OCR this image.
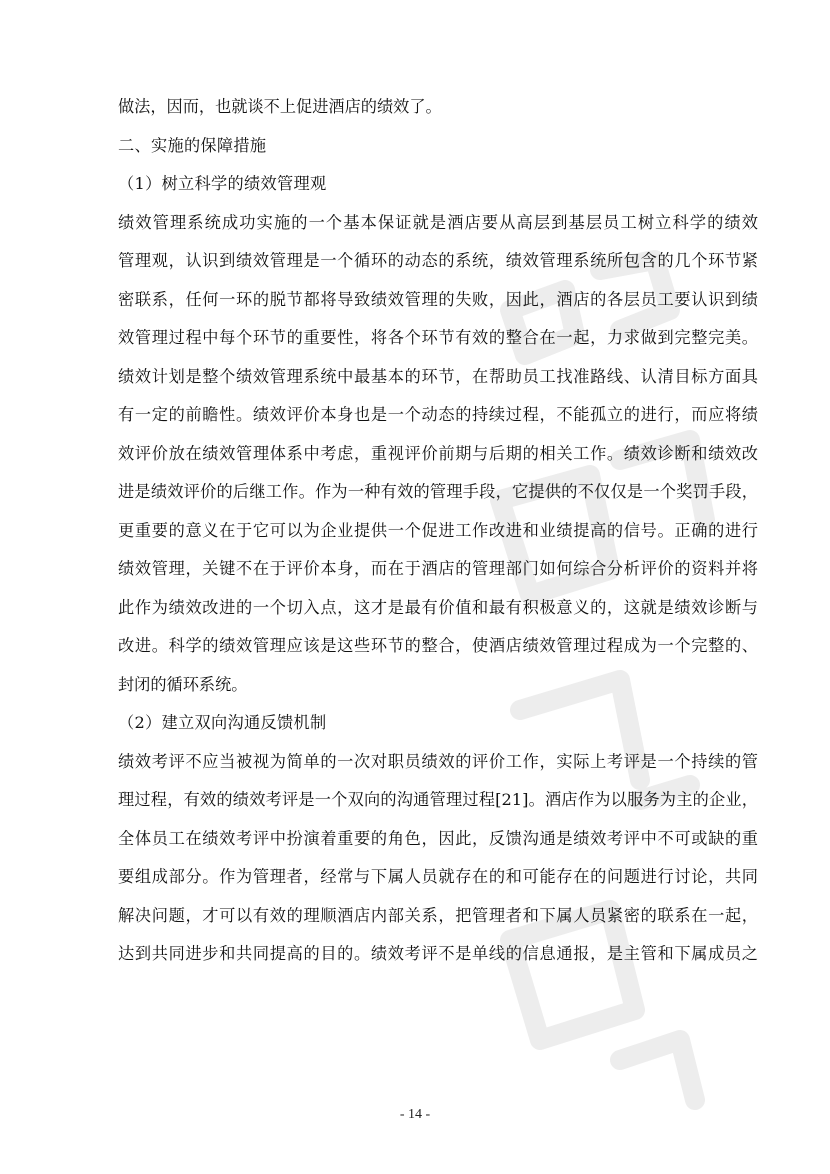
做法，因而，也就谈不上促进酒店的绩效了。
二、实施的保障措施
（1）树立科学的绩效管理观
绩效管理系统成功实施的一个基本保证就是酒店要从高层到基层员工树立科学的绩效
管理观，认识到绩效管理是一个循环的动态的系统，绩效管理系统所包含的几个环节紧
密联系，任何一环的脱节都将导致绩效管理的失败，因此，酒店的各层员工要认识到绩
效管理过程中每个环节的重要性，将各个环节有效的整合在一起，力求做到完整完美。
绩效计划是整个绩效管理系统中最基本的环节，在帮助员工找准路线、认清目标方面具
有一定的前瞻性。绩效评价本身也是一个动态的持续过程，不能孤立的进行，而应将绩
效评价放在绩效管理体系中考虑，重视评价前期与后期的相关工作。绩效诊断和绩效改
进是绩效评价的后继工作。作为一种有效的管理手段，它提供的不仅仅是一个奖罚手段，
更重要的意义在于它可以为企业提供一个促进工作改进和业绩提高的信号。正确的进行
绩效管理，关键不在于评价本身，而在于酒店的管理部门如何综合分析评价的资料并将
此作为绩效改进的一个切入点，这才是最有价值和最有积极意义的，这就是绩效诊断与
改进。科学的绩效管理应该是这些环节的整合，使酒店绩效管理过程成为一个完整的、
封闭的循环系统。
（2）建立双向沟通反馈机制
绩效考评不应当被视为简单的一次对职员绩效的评价工作，实际上考评是一个持续的管
理过程，有效的绩效考评是一个双向的沟通管理过程[21]。酒店作为以服务为主的企业，
全体员工在绩效考评中扮演着重要的角色，因此，反馈沟通是绩效考评中不可或缺的重
要组成部分。作为管理者，经常与下属人员就存在的和可能存在的问题进行讨论，共同
解决问题，才可以有效的理顺酒店内部关系，把管理者和下属人员紧密的联系在一起，
达到共同进步和共同提高的目的。绩效考评不是单线的信息通报，是主管和下属成员之
- 14 -
